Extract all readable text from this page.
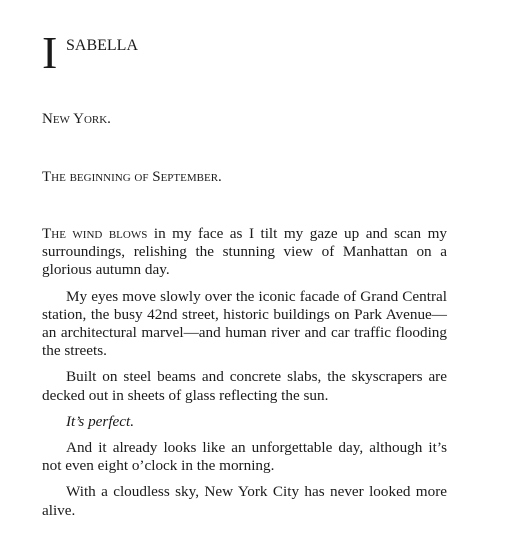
I SABELLA
New York.
The beginning of September.

The wind blows in my face as I tilt my gaze up and scan my surroundings, relishing the stunning view of Manhattan on a glorious autumn day.

My eyes move slowly over the iconic facade of Grand Central station, the busy 42nd street, historic buildings on Park Avenue—an architectural marvel—and human river and car traffic flooding the streets.

Built on steel beams and concrete slabs, the skyscrapers are decked out in sheets of glass reflecting the sun.

It’s perfect.

And it already looks like an unforgettable day, although it’s not even eight o’clock in the morning.

With a cloudless sky, New York City has never looked more alive.
